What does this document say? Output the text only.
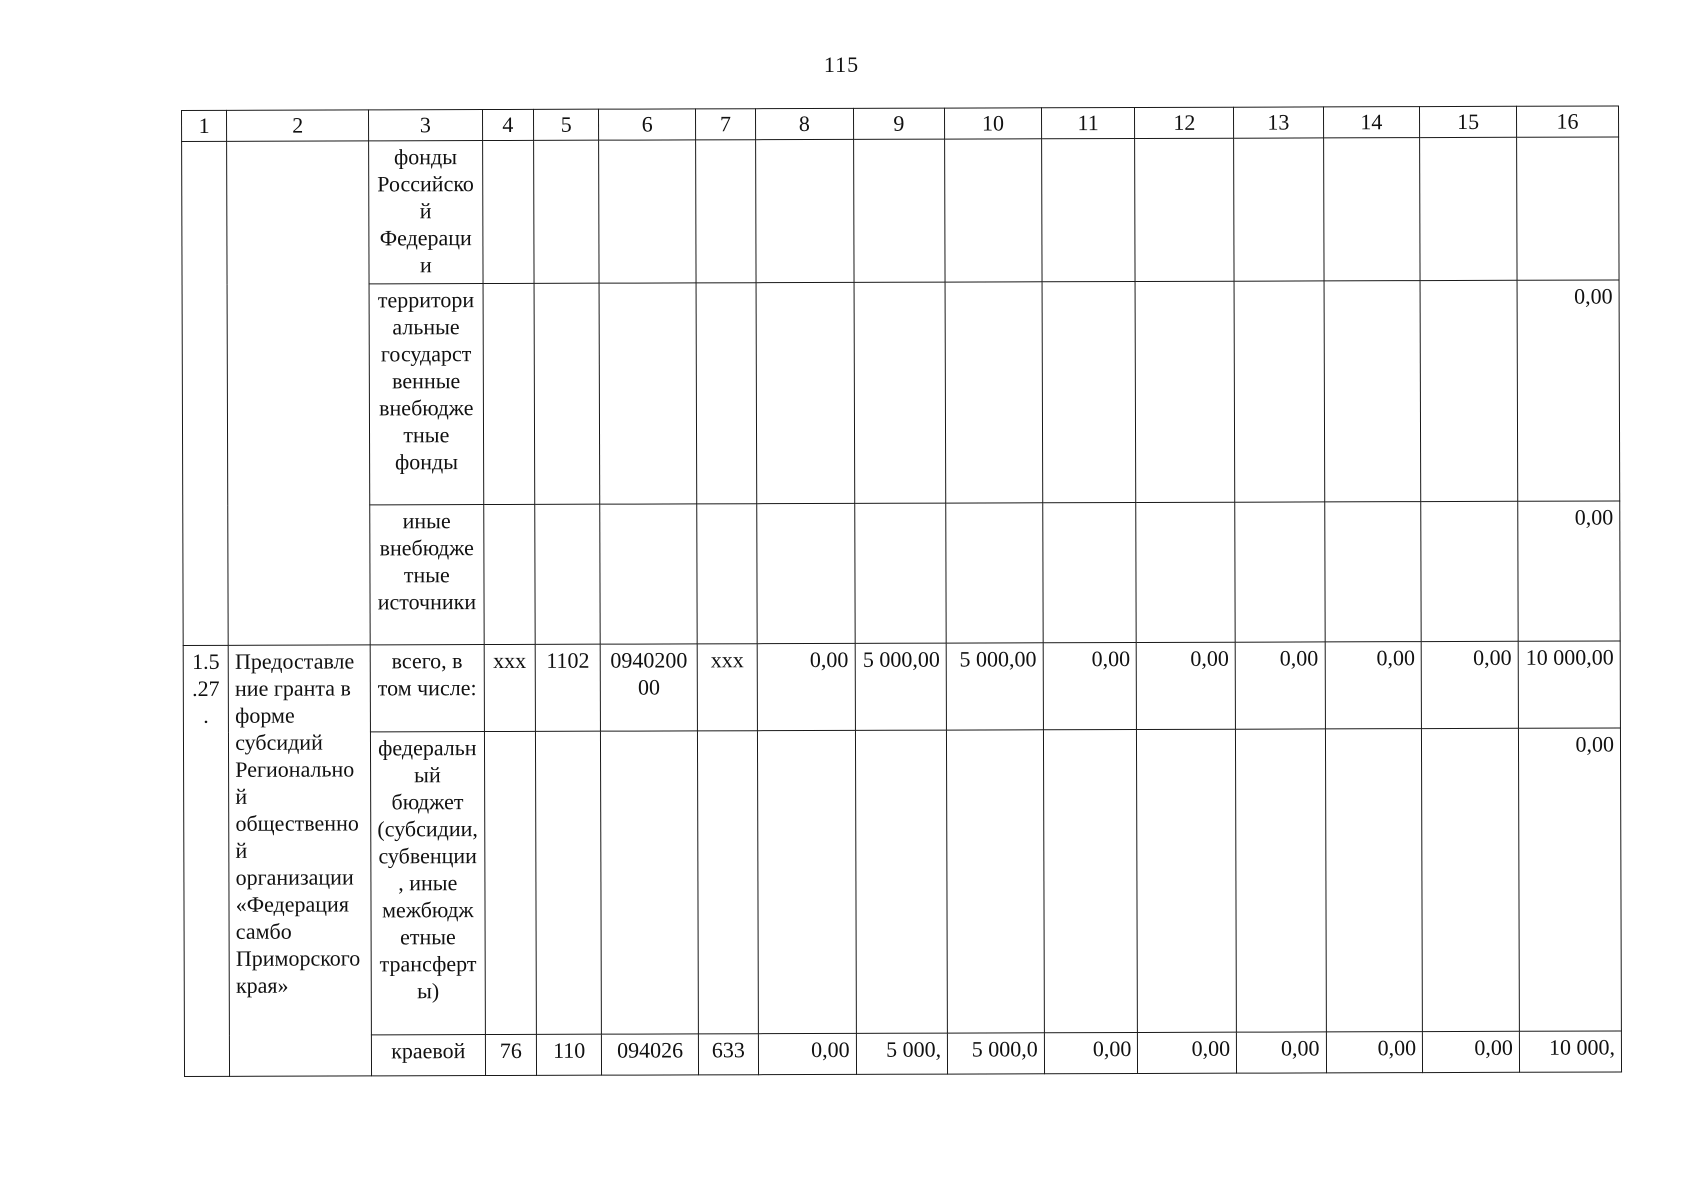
115
1	2	3	4	5	6	7	8	9	10	11	12	13	14	15	16
		фонды Российской Федерации													
		территориальные государственные внебюджетные фонды													0,00
		иные внебюджетные источники													0,00
1.5.27.	Предоставление гранта в форме субсидий Региональной общественной организации «Федерация самбо Приморского края»	всего, в том числе:	xxx	1102	094020000	xxx	0,00	5 000,00	5 000,00	0,00	0,00	0,00	0,00	0,00	10 000,00
		федеральный бюджет (субсидии, субвенции, иные межбюджетные трансферты)													0,00
		краевой	76	110	094026	633	0,00	5 000,	5 000,0	0,00	0,00	0,00	0,00	0,00	10 000,
